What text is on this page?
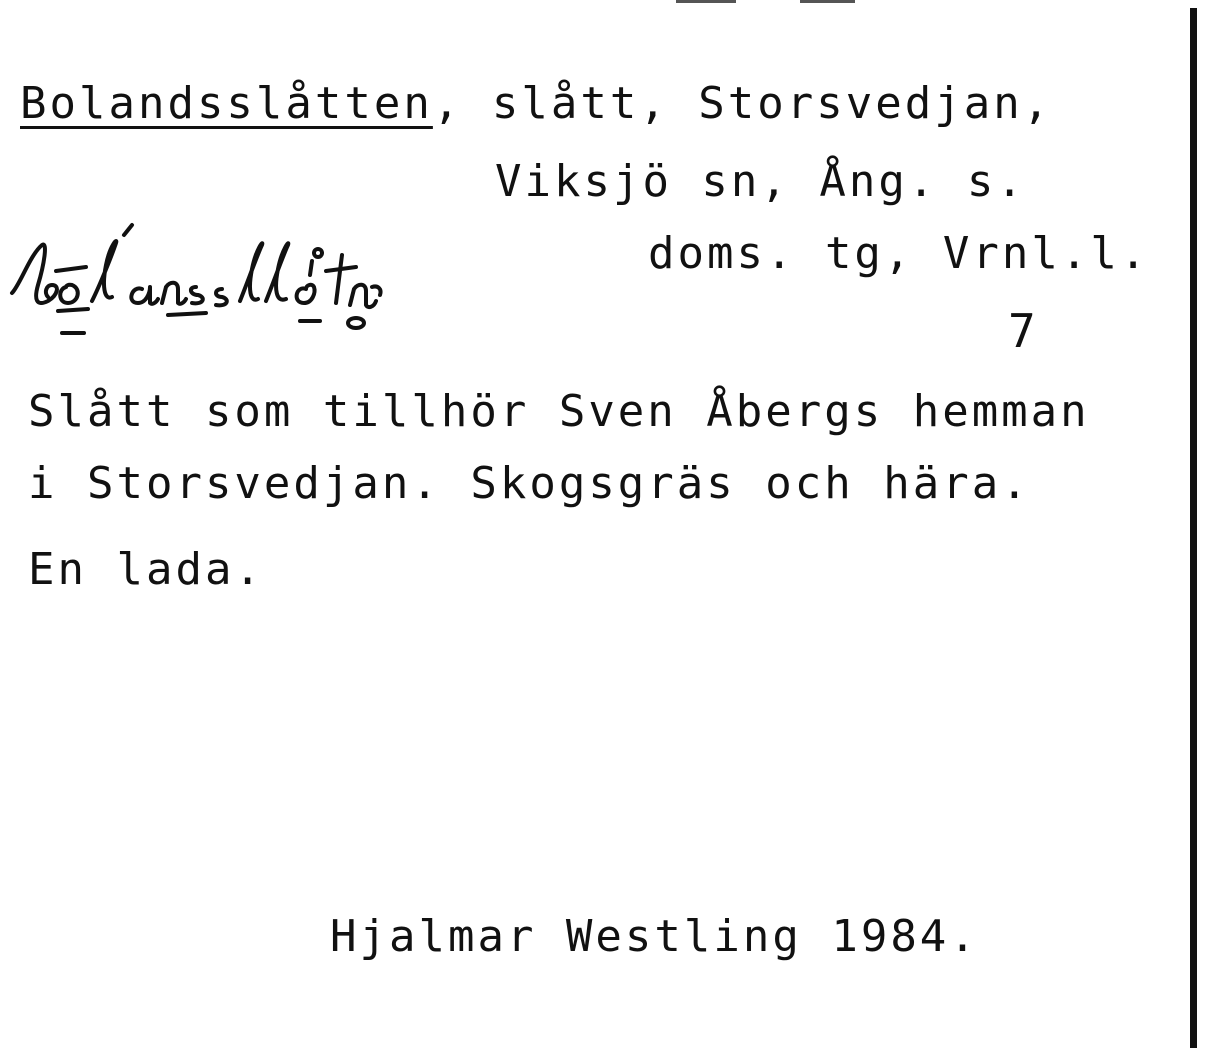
Bolandsslåtten, slått, Storsvedjan,
Viksjö sn, Ång. s.
doms. tg, Vrnl.l.
7
Slått som tillhör Sven Åbergs hemman
i Storsvedjan. Skogsgräs och hära.
En lada.
Hjalmar Westling 1984.
